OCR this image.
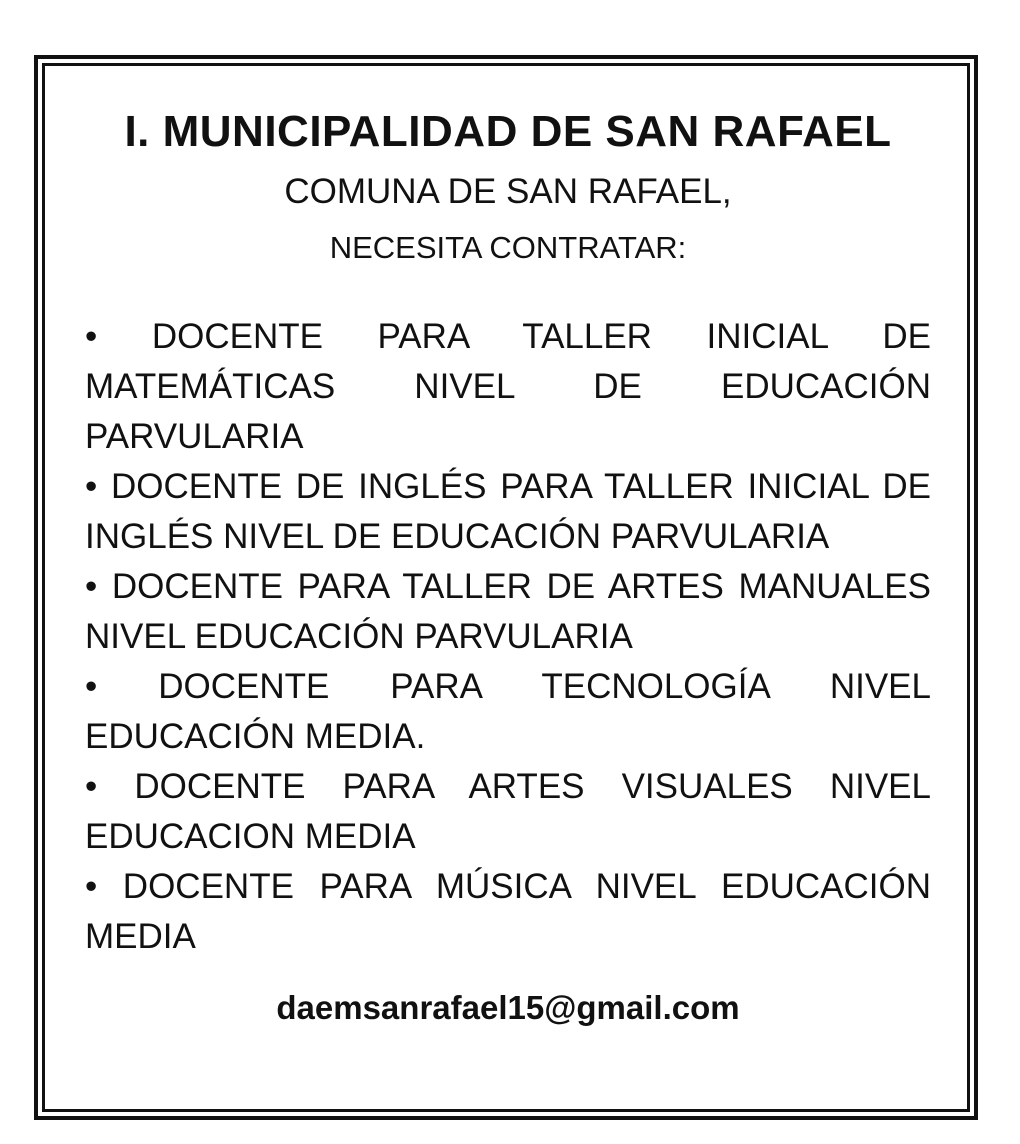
I. MUNICIPALIDAD DE SAN RAFAEL
COMUNA DE SAN RAFAEL,
NECESITA CONTRATAR:
• DOCENTE PARA TALLER INICIAL DE MATEMÁTICAS NIVEL DE EDUCACIÓN PARVULARIA
• DOCENTE DE INGLÉS PARA TALLER INICIAL DE INGLÉS NIVEL DE EDUCACIÓN PARVULARIA
• DOCENTE PARA TALLER DE ARTES MANUALES NIVEL EDUCACIÓN PARVULARIA
• DOCENTE PARA TECNOLOGÍA NIVEL EDUCACIÓN MEDIA.
• DOCENTE PARA ARTES VISUALES NIVEL EDUCACION MEDIA
• DOCENTE PARA MÚSICA NIVEL EDUCACIÓN MEDIA
daemsanrafael15@gmail.com
